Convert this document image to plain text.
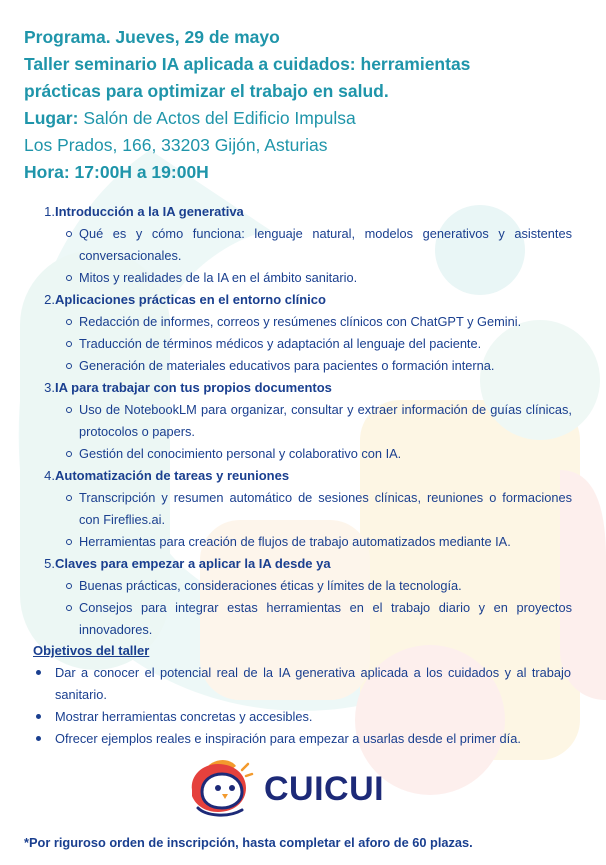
Programa. Jueves, 29 de mayo
Taller seminario IA aplicada a cuidados: herramientas
prácticas para optimizar el trabajo en salud.
Lugar: Salón de Actos del Edificio Impulsa
Los Prados, 166, 33203 Gijón, Asturias
Hora: 17:00H a 19:00H
1.Introducción a la IA generativa
Qué es y cómo funciona: lenguaje natural, modelos generativos y asistentes conversacionales.
Mitos y realidades de la IA en el ámbito sanitario.
2.Aplicaciones prácticas en el entorno clínico
Redacción de informes, correos y resúmenes clínicos con ChatGPT y Gemini.
Traducción de términos médicos y adaptación al lenguaje del paciente.
Generación de materiales educativos para pacientes o formación interna.
3.IA para trabajar con tus propios documentos
Uso de NotebookLM para organizar, consultar y extraer información de guías clínicas, protocolos o papers.
Gestión del conocimiento personal y colaborativo con IA.
4.Automatización de tareas y reuniones
Transcripción y resumen automático de sesiones clínicas, reuniones o formaciones con Fireflies.ai.
Herramientas para creación de flujos de trabajo automatizados mediante IA.
5.Claves para empezar a aplicar la IA desde ya
Buenas prácticas, consideraciones éticas y límites de la tecnología.
Consejos para integrar estas herramientas en el trabajo diario y en proyectos innovadores.
Objetivos del taller
Dar a conocer el potencial real de la IA generativa aplicada a los cuidados y al trabajo sanitario.
Mostrar herramientas concretas y accesibles.
Ofrecer ejemplos reales e inspiración para empezar a usarlas desde el primer día.
CUICUI
*Por riguroso orden de inscripción, hasta completar el aforo de 60 plazas.
